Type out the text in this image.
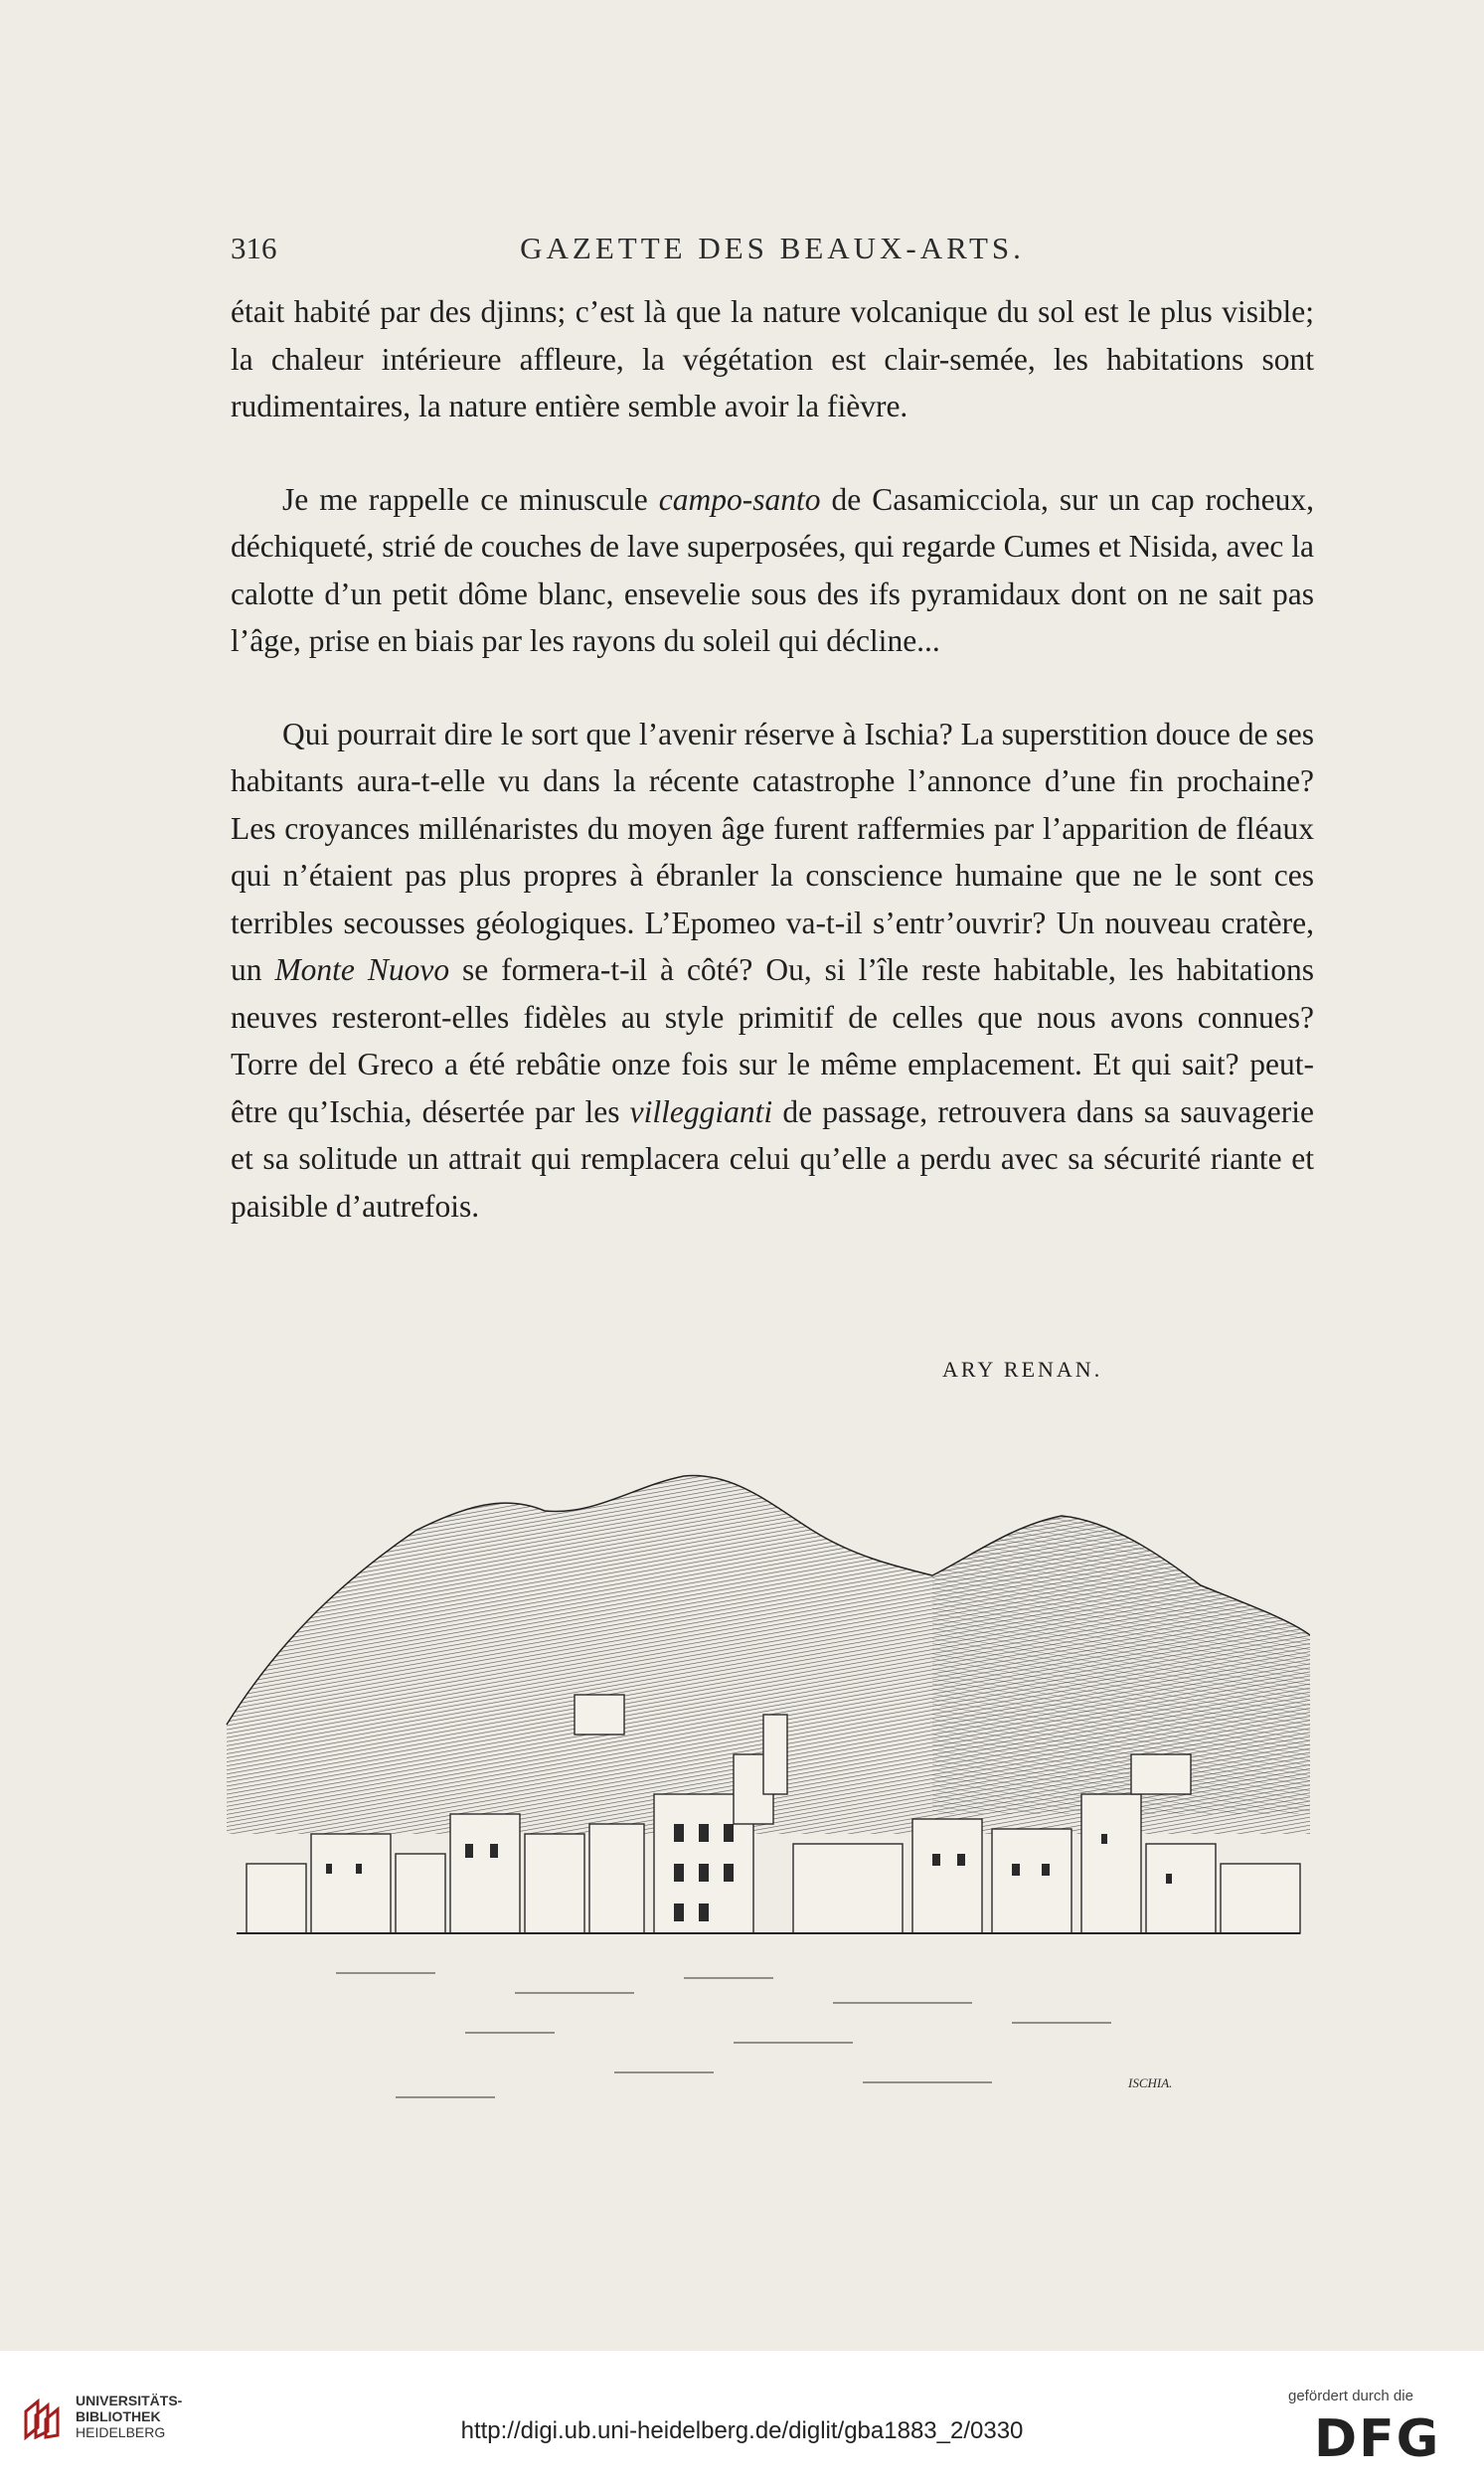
316	GAZETTE DES BEAUX-ARTS.

était habité par des djinns; c’est là que la nature volcanique du sol est le plus visible; la chaleur intérieure affleure, la végétation est clair-semée, les habitations sont rudimentaires, la nature entière semble avoir la fièvre.

Je me rappelle ce minuscule campo-santo de Casamicciola, sur un cap rocheux, déchiqueté, strié de couches de lave superposées, qui regarde Cumes et Nisida, avec la calotte d’un petit dôme blanc, ensevelie sous des ifs pyramidaux dont on ne sait pas l’âge, prise en biais par les rayons du soleil qui décline...

Qui pourrait dire le sort que l’avenir réserve à Ischia? La superstition douce de ses habitants aura-t-elle vu dans la récente catastrophe l’annonce d’une fin prochaine? Les croyances millénaristes du moyen âge furent raffermies par l’apparition de fléaux qui n’étaient pas plus propres à ébranler la conscience humaine que ne le sont ces terribles secousses géologiques. L’Epomeo va-t-il s’entr’ouvrir? Un nouveau cratère, un Monte Nuovo se formera-t-il à côté? Ou, si l’île reste habitable, les habitations neuves resteront-elles fidèles au style primitif de celles que nous avons connues? Torre del Greco a été rebâtie onze fois sur le même emplacement. Et qui sait? peut-être qu’Ischia, désertée par les villeggianti de passage, retrouvera dans sa sauvagerie et sa solitude un attrait qui remplacera celui qu’elle a perdu avec sa sécurité riante et paisible d’autrefois.

ARY RENAN.
ISCHIA.
UNIVERSITÄTS-
BIBLIOTHEK
HEIDELBERG	http://digi.ub.uni-heidelberg.de/diglit/gba1883_2/0330
gefördert durch die
DFG
